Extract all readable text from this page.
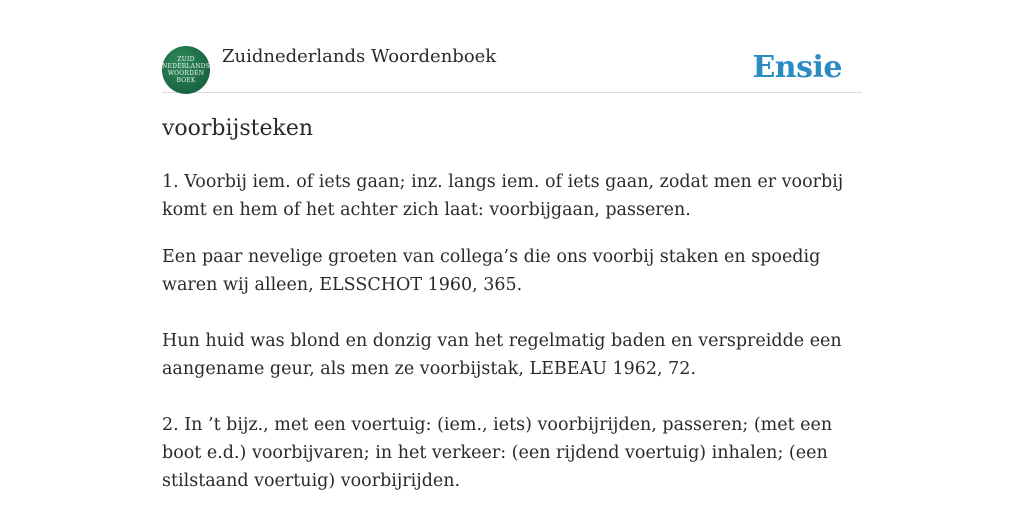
ZUID
NEDERLANDS
WOORDEN
BOEK
Zuidnederlands Woordenboek	Ensie
voorbijsteken

1. Voorbij iem. of iets gaan; inz. langs iem. of iets gaan, zodat men er voorbij komt en hem of het achter zich laat: voorbijgaan, passeren.

Een paar nevelige groeten van collega’s die ons voorbij staken en spoedig waren wij alleen, ELSSCHOT 1960, 365.

Hun huid was blond en donzig van het regelmatig baden en verspreidde een aangename geur, als men ze voorbijstak, LEBEAU 1962, 72.

2. In ’t bijz., met een voertuig: (iem., iets) voorbijrijden, passeren; (met een boot e.d.) voorbijvaren; in het verkeer: (een rijdend voertuig) inhalen; (een stilstaand voertuig) voorbijrijden.
